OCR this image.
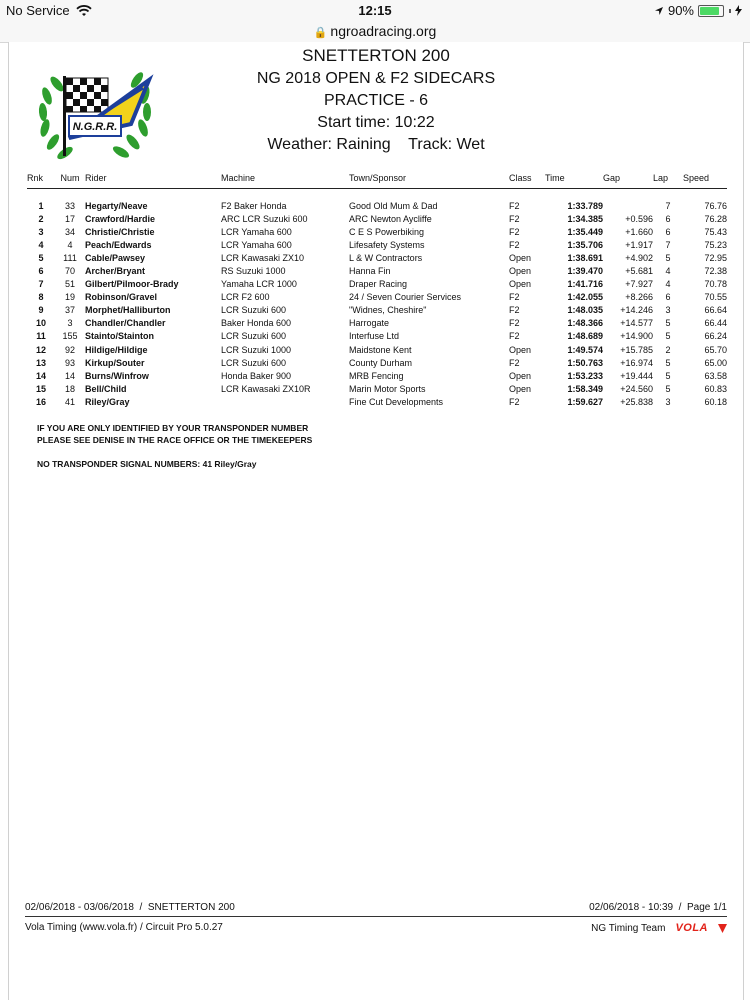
No Service	12:15	90%
🔒 ngroadracing.org
N.G.R.R.

SNETTERTON 200

NG 2018 OPEN & F2 SIDECARS

PRACTICE - 6

Start time: 10:22

Weather: Raining    Track: Wet

Rnk	Num	Rider	Machine	Town/Sponsor	Class	Time	Gap	Lap	Speed

1	33	Hegarty/Neave	F2 Baker Honda	Good Old Mum & Dad	F2	1:33.789		7	76.76
2	17	Crawford/Hardie	ARC LCR Suzuki 600	ARC Newton Aycliffe	F2	1:34.385	+0.596	6	76.28
3	34	Christie/Christie	LCR Yamaha 600	C E S Powerbiking	F2	1:35.449	+1.660	6	75.43
4	4	Peach/Edwards	LCR Yamaha 600	Lifesafety Systems	F2	1:35.706	+1.917	7	75.23
5	111	Cable/Pawsey	LCR Kawasaki ZX10	L & W Contractors	Open	1:38.691	+4.902	5	72.95
6	70	Archer/Bryant	RS Suzuki 1000	Hanna Fin	Open	1:39.470	+5.681	4	72.38
7	51	Gilbert/Pilmoor-Brady	Yamaha LCR 1000	Draper Racing	Open	1:41.716	+7.927	4	70.78
8	19	Robinson/Gravel	LCR F2 600	24 / Seven Courier Services	F2	1:42.055	+8.266	6	70.55
9	37	Morphet/Halliburton	LCR Suzuki 600	"Widnes, Cheshire"	F2	1:48.035	+14.246	3	66.64
10	3	Chandler/Chandler	Baker Honda 600	Harrogate	F2	1:48.366	+14.577	5	66.44
11	155	Stainto/Stainton	LCR Suzuki 600	Interfuse Ltd	F2	1:48.689	+14.900	5	66.24
12	92	Hildige/Hildige	LCR Suzuki 1000	Maidstone Kent	Open	1:49.574	+15.785	2	65.70
13	93	Kirkup/Souter	LCR Suzuki 600	County Durham	F2	1:50.763	+16.974	5	65.00
14	14	Burns/Winfrow	Honda Baker 900	MRB Fencing	Open	1:53.233	+19.444	5	63.58
15	18	Bell/Child	LCR Kawasaki ZX10R	Marin Motor Sports	Open	1:58.349	+24.560	5	60.83
16	41	Riley/Gray		Fine Cut Developments	F2	1:59.627	+25.838	3	60.18

IF YOU ARE ONLY IDENTIFIED BY YOUR TRANSPONDER NUMBER

PLEASE SEE DENISE IN THE RACE OFFICE OR THE TIMEKEEPERS

NO TRANSPONDER SIGNAL NUMBERS: 41 Riley/Gray

02/06/2018 - 03/06/2018  /  SNETTERTON 200	02/06/2018 - 10:39  /  Page 1/1
Vola Timing (www.vola.fr) / Circuit Pro 5.0.27	NG Timing Team VOLA
